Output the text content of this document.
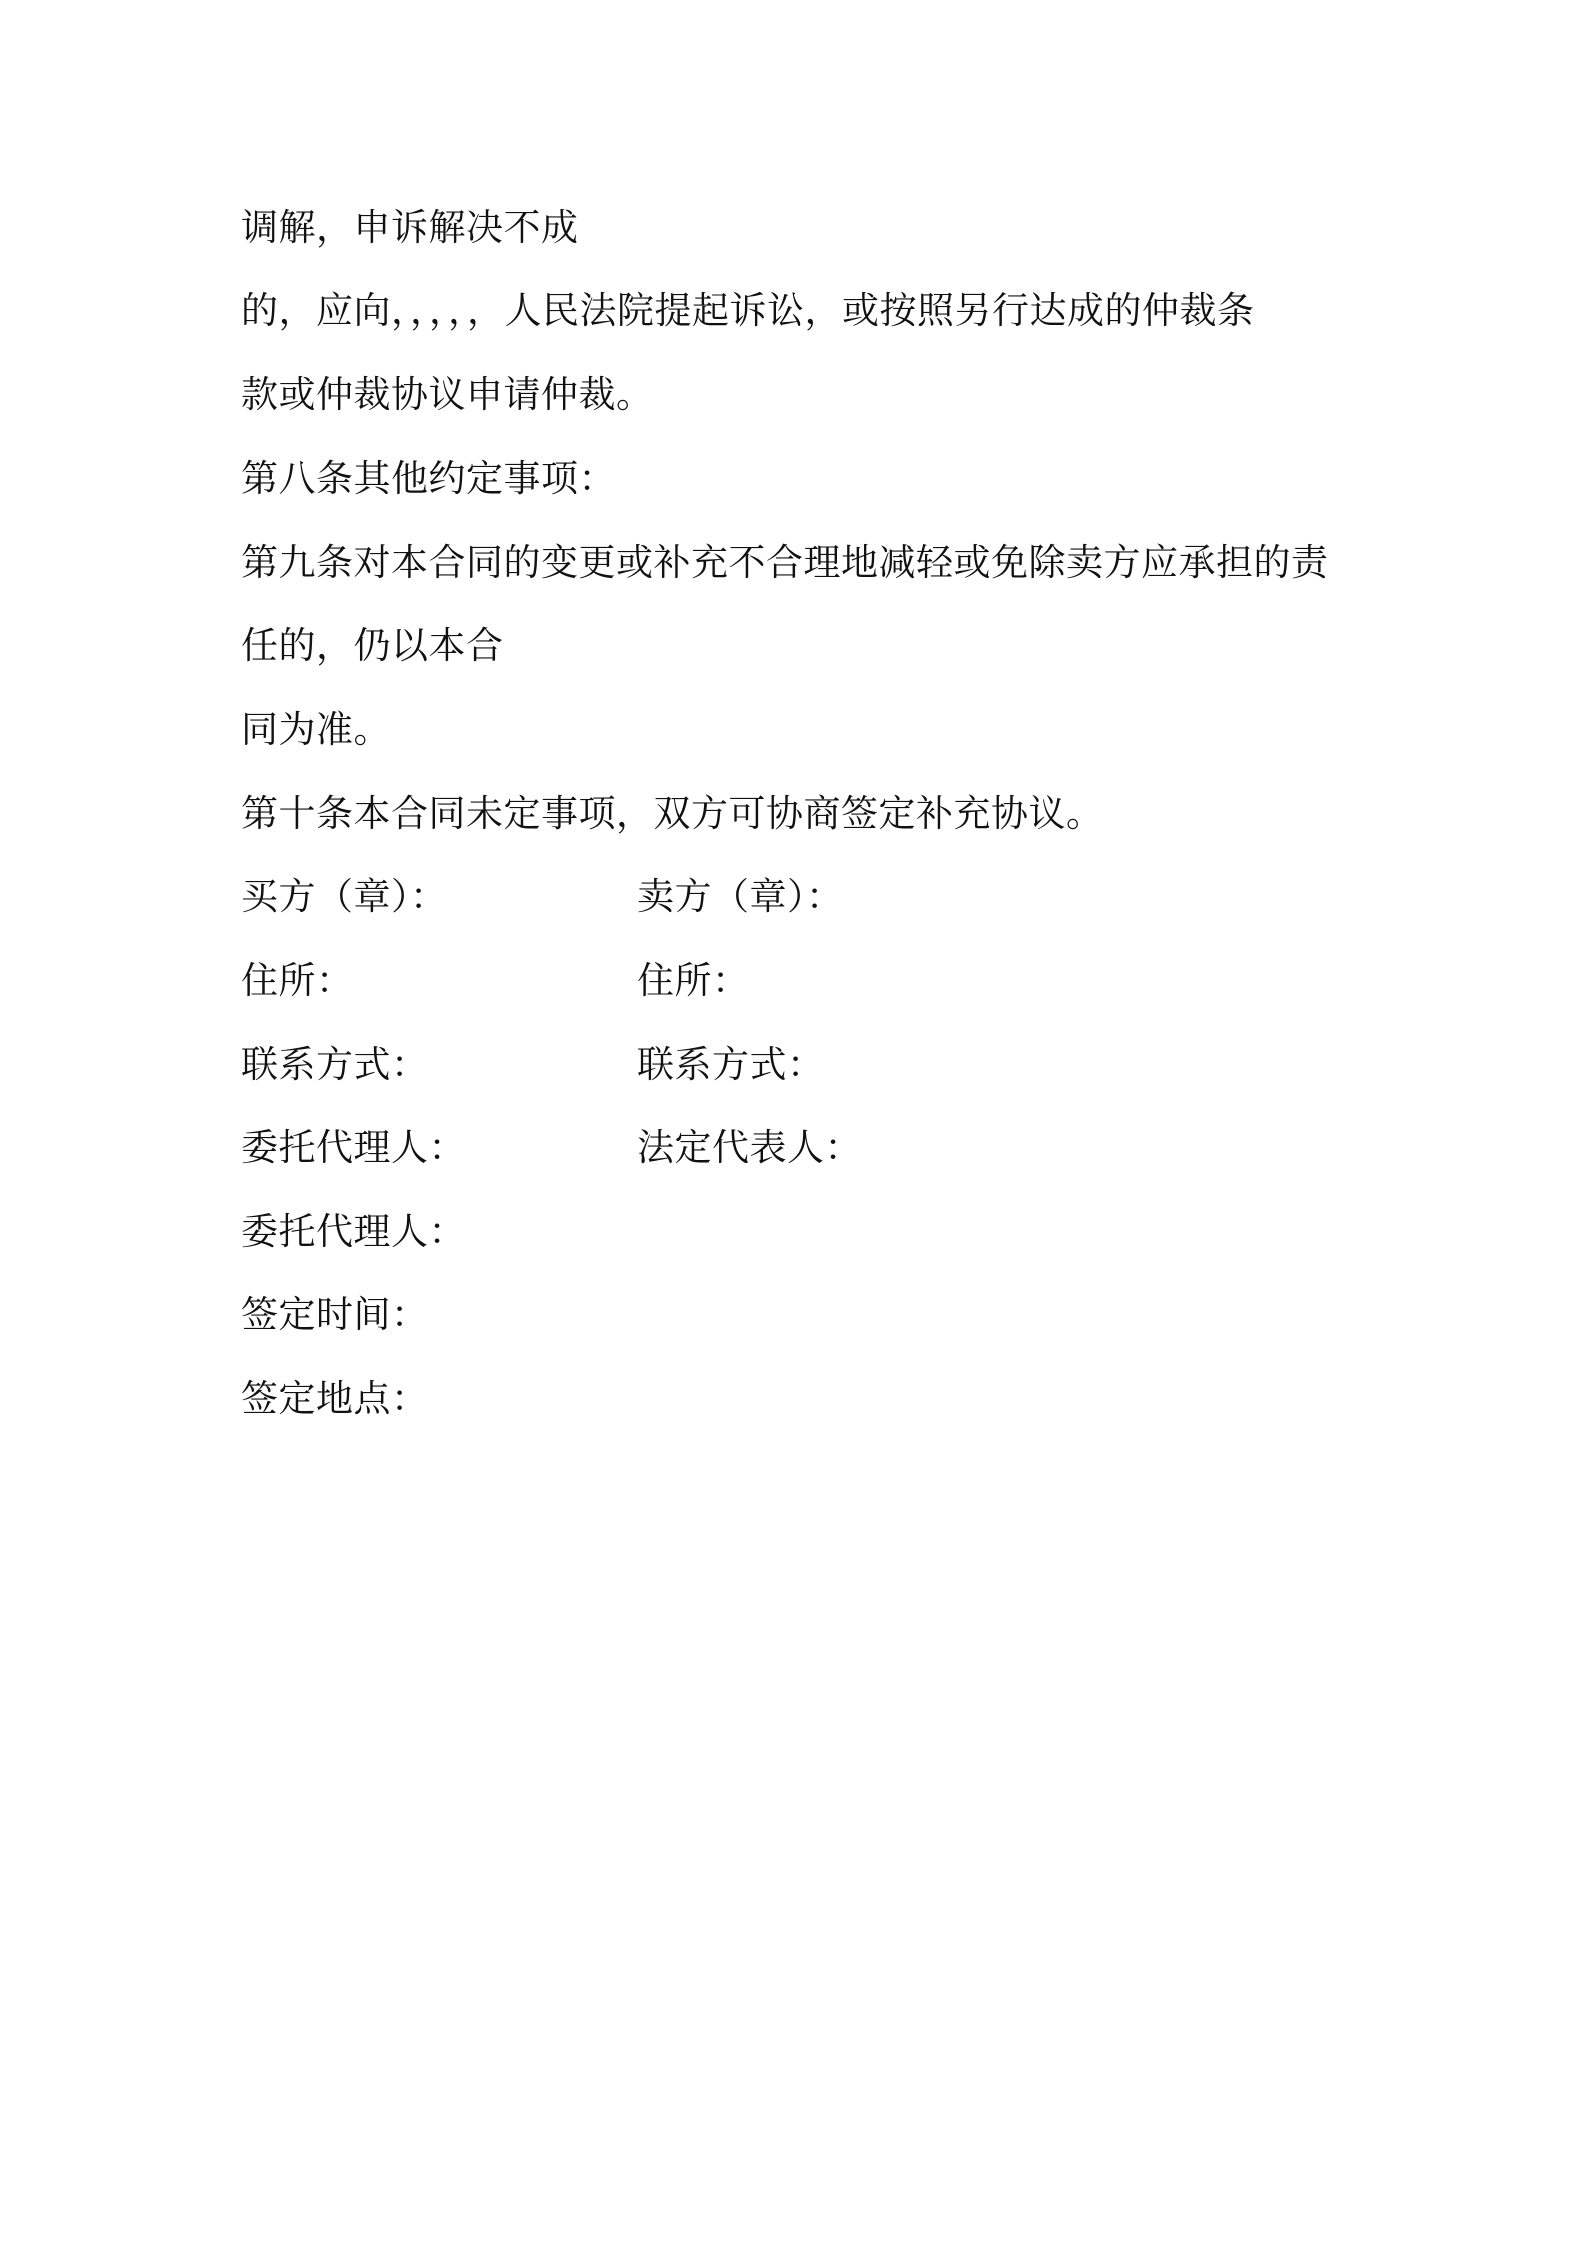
调解，申诉解决不成
的，应向，，，，，人民法院提起诉讼，或按照另行达成的仲裁条
款或仲裁协议申请仲裁。
第八条其他约定事项：
第九条对本合同的变更或补充不合理地减轻或免除卖方应承担的责
任的，仍以本合
同为准。
第十条本合同未定事项，双方可协商签定补充协议。
买方（章）：	卖方（章）：
住所：	住所：
联系方式：	联系方式：
委托代理人：	法定代表人：
委托代理人：
签定时间：
签定地点：
